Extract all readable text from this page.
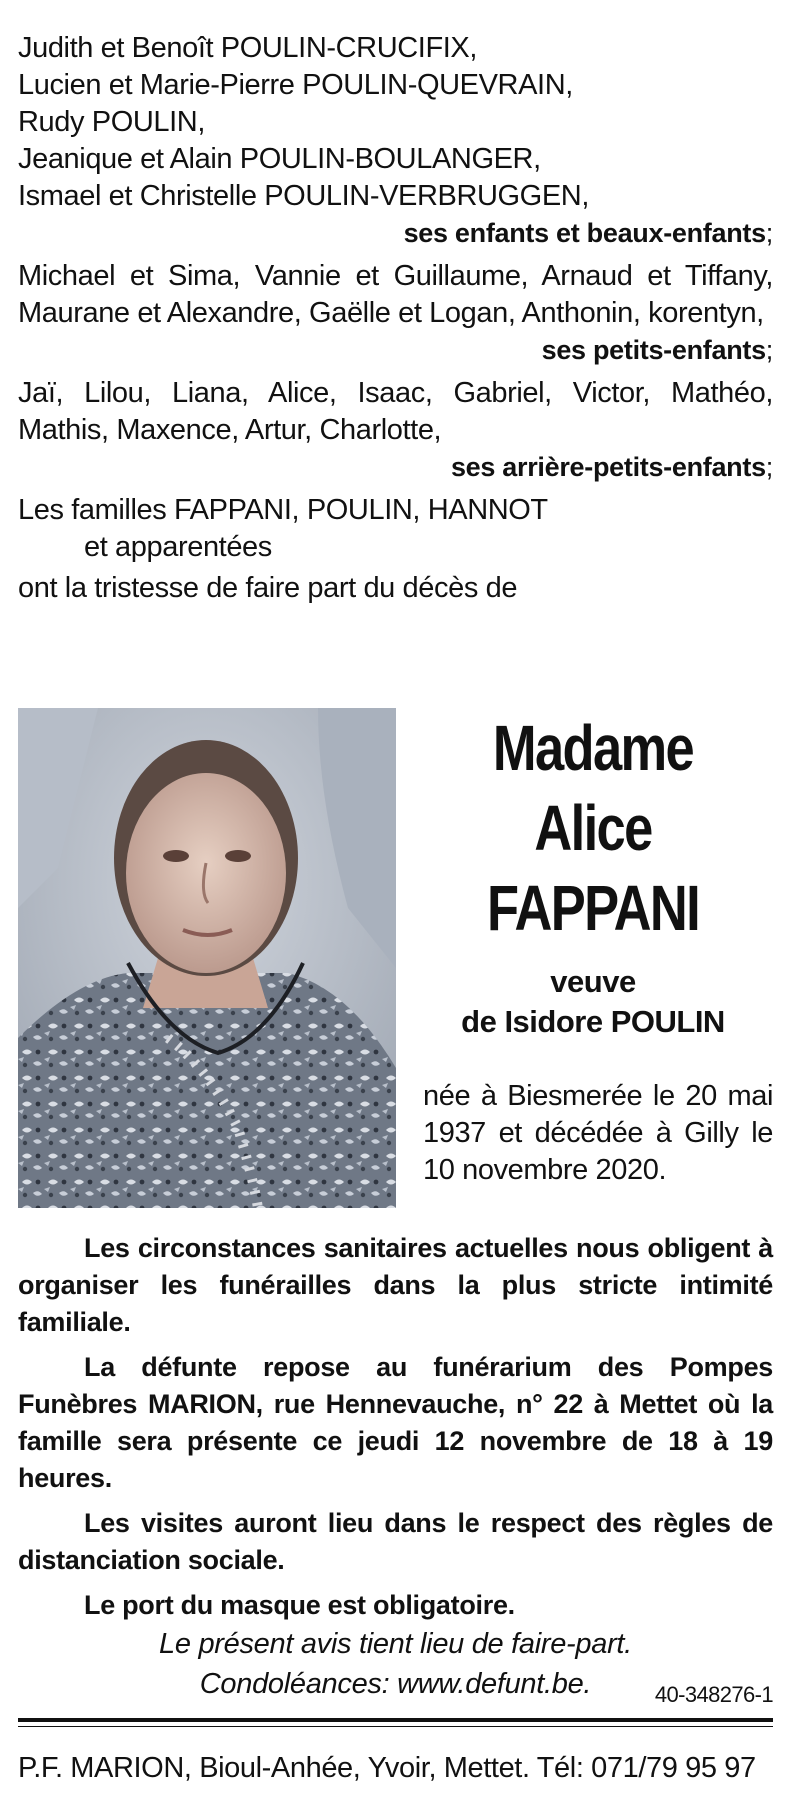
Judith et Benoît POULIN-CRUCIFIX,
Lucien et Marie-Pierre POULIN-QUEVRAIN,
Rudy POULIN,
Jeanique et Alain POULIN-BOULANGER,
Ismael et Christelle POULIN-VERBRUGGEN,
ses enfants et beaux-enfants;
Michael et Sima, Vannie et Guillaume, Arnaud et Tiffany, Maurane et Alexandre, Gaëlle et Logan, Anthonin, korentyn,
ses petits-enfants;
Jaï, Lilou, Liana, Alice, Isaac, Gabriel, Victor, Mathéo, Mathis, Maxence, Artur, Charlotte,
ses arrière-petits-enfants;
Les familles FAPPANI, POULIN, HANNOT
et apparentées
ont la tristesse de faire part du décès de
Madame
Alice
FAPPANI
veuve
de Isidore POULIN
née à Biesmerée le 20 mai 1937 et décédée à Gilly le 10 novembre 2020.
Les circonstances sanitaires actuelles nous obligent à organiser les funérailles dans la plus stricte intimité familiale.
La défunte repose au funérarium des Pompes Funèbres MARION, rue Hennevauche, n° 22 à Mettet où la famille sera présente ce jeudi 12 novembre de 18 à 19 heures.
Les visites auront lieu dans le respect des règles de distanciation sociale.
Le port du masque est obligatoire.
Le présent avis tient lieu de faire-part.
Condoléances: www.defunt.be.	40-348276-1
P.F. MARION, Bioul-Anhée, Yvoir, Mettet. Tél: 071/79 95 97
